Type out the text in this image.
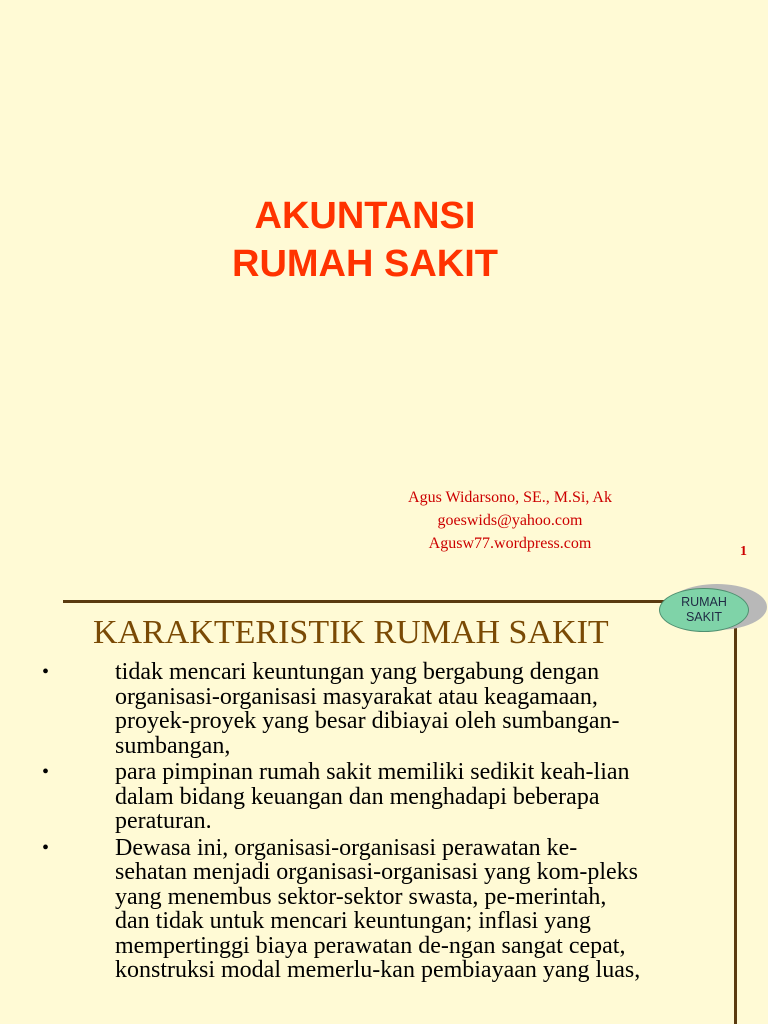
AKUNTANSI
RUMAH SAKIT
Agus Widarsono, SE., M.Si, Ak
goeswids@yahoo.com
Agusw77.wordpress.com	1
RUMAH
SAKIT
KARAKTERISTIK RUMAH SAKIT
•	tidak mencari keuntungan yang bergabung dengan
organisasi-organisasi masyarakat atau keagamaan,
proyek-proyek yang besar dibiayai oleh sumbangan-
sumbangan,
•	para pimpinan rumah sakit memiliki sedikit keah-lian
dalam bidang keuangan dan menghadapi beberapa
peraturan.
•	Dewasa ini, organisasi-organisasi perawatan ke-
sehatan menjadi organisasi-organisasi yang kom-pleks
yang menembus sektor-sektor swasta, pe-merintah,
dan tidak untuk mencari keuntungan; inflasi yang
mempertinggi biaya perawatan de-ngan sangat cepat,
konstruksi modal memerlu-kan pembiayaan yang luas,
